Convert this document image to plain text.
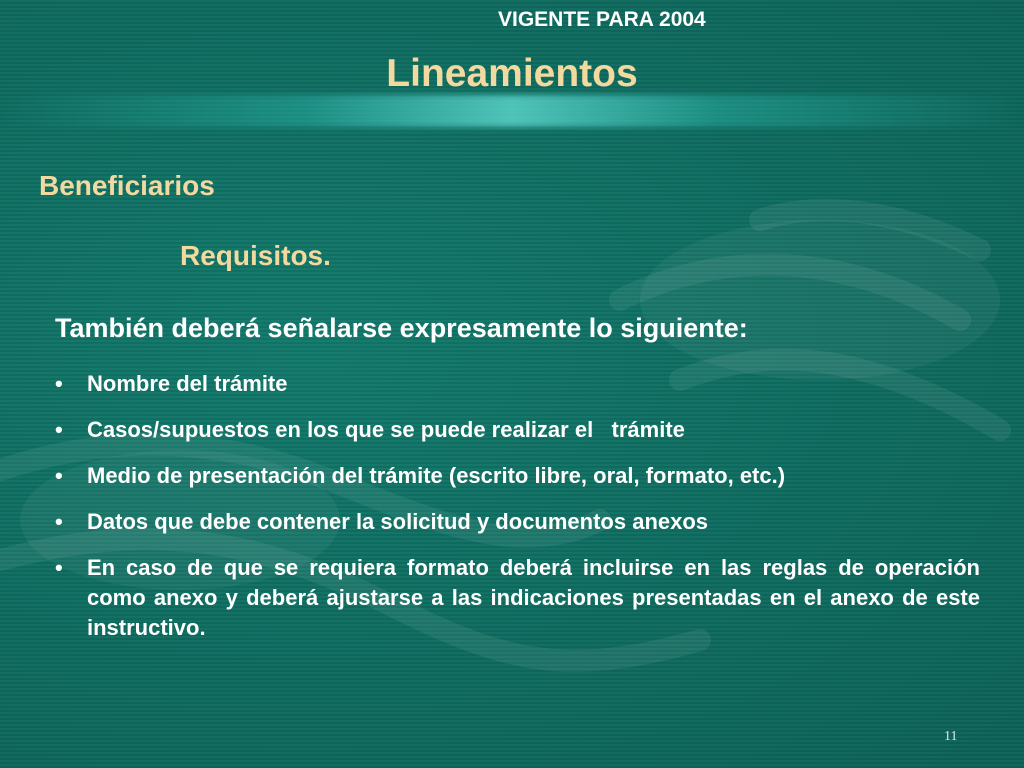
VIGENTE PARA 2004
Lineamientos
Beneficiarios
Requisitos.
También deberá señalarse expresamente lo siguiente:
• Nombre del trámite
• Casos/supuestos en los que se puede realizar el   trámite
• Medio de presentación del trámite (escrito libre, oral, formato, etc.)
• Datos que debe contener la solicitud y documentos anexos
• En caso de que se requiera formato deberá incluirse en las reglas de operación como anexo y deberá ajustarse a las indicaciones presentadas en el anexo de este instructivo.
11
